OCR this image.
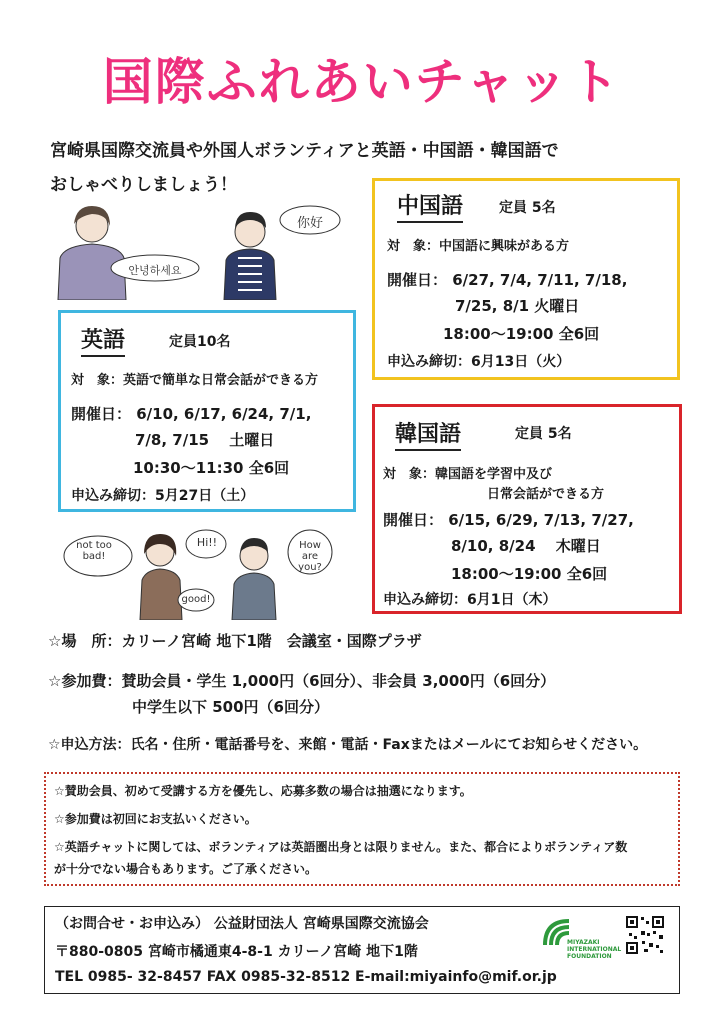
国際ふれあいチャット
宮崎県国際交流員や外国人ボランティアと英語・中国語・韓国語で
おしゃべりしましょう！
안녕하세요
你好
中国語	定員 5名
対　象：中国語に興味がある方
開催日： 6/27, 7/4, 7/11, 7/18,
7/25, 8/1 火曜日
18:00〜19:00 全6回
申込み締切：6月13日（火）
英語	定員10名
対　象：英語で簡単な日常会話ができる方
開催日： 6/10, 6/17, 6/24, 7/1,
7/8, 7/15　 土曜日
10:30〜11:30 全6回
申込み締切：5月27日（土）
韓国語	定員 5名
対　象：韓国語を学習中及び
日常会話ができる方
開催日： 6/15, 6/29, 7/13, 7/27,
8/10, 8/24　 木曜日
18:00〜19:00 全6回
申込み締切：6月1日（木）
not too bad!
Hi!!	How are you?
good!
☆場　所：カリーノ宮崎 地下1階　会議室・国際プラザ
☆参加費：賛助会員・学生 1,000円（6回分）、非会員 3,000円（6回分）
中学生以下 500円（6回分）
☆申込方法：氏名・住所・電話番号を、来館・電話・Faxまたはメールにてお知らせください。
☆賛助会員、初めて受講する方を優先し、応募多数の場合は抽選になります。
☆参加費は初回にお支払いください。
☆英語チャットに関しては、ボランティアは英語圏出身とは限りません。また、都合によりボランティア数
が十分でない場合もあります。ご了承ください。
（お問合せ・お申込み） 公益財団法人 宮崎県国際交流協会
〒880-0805 宮崎市橘通東4-8-1 カリーノ宮崎 地下1階
TEL 0985- 32-8457 FAX 0985-32-8512 E-mail:miyainfo@mif.or.jp
MIYAZAKI
INTERNATIONAL
FOUNDATION
